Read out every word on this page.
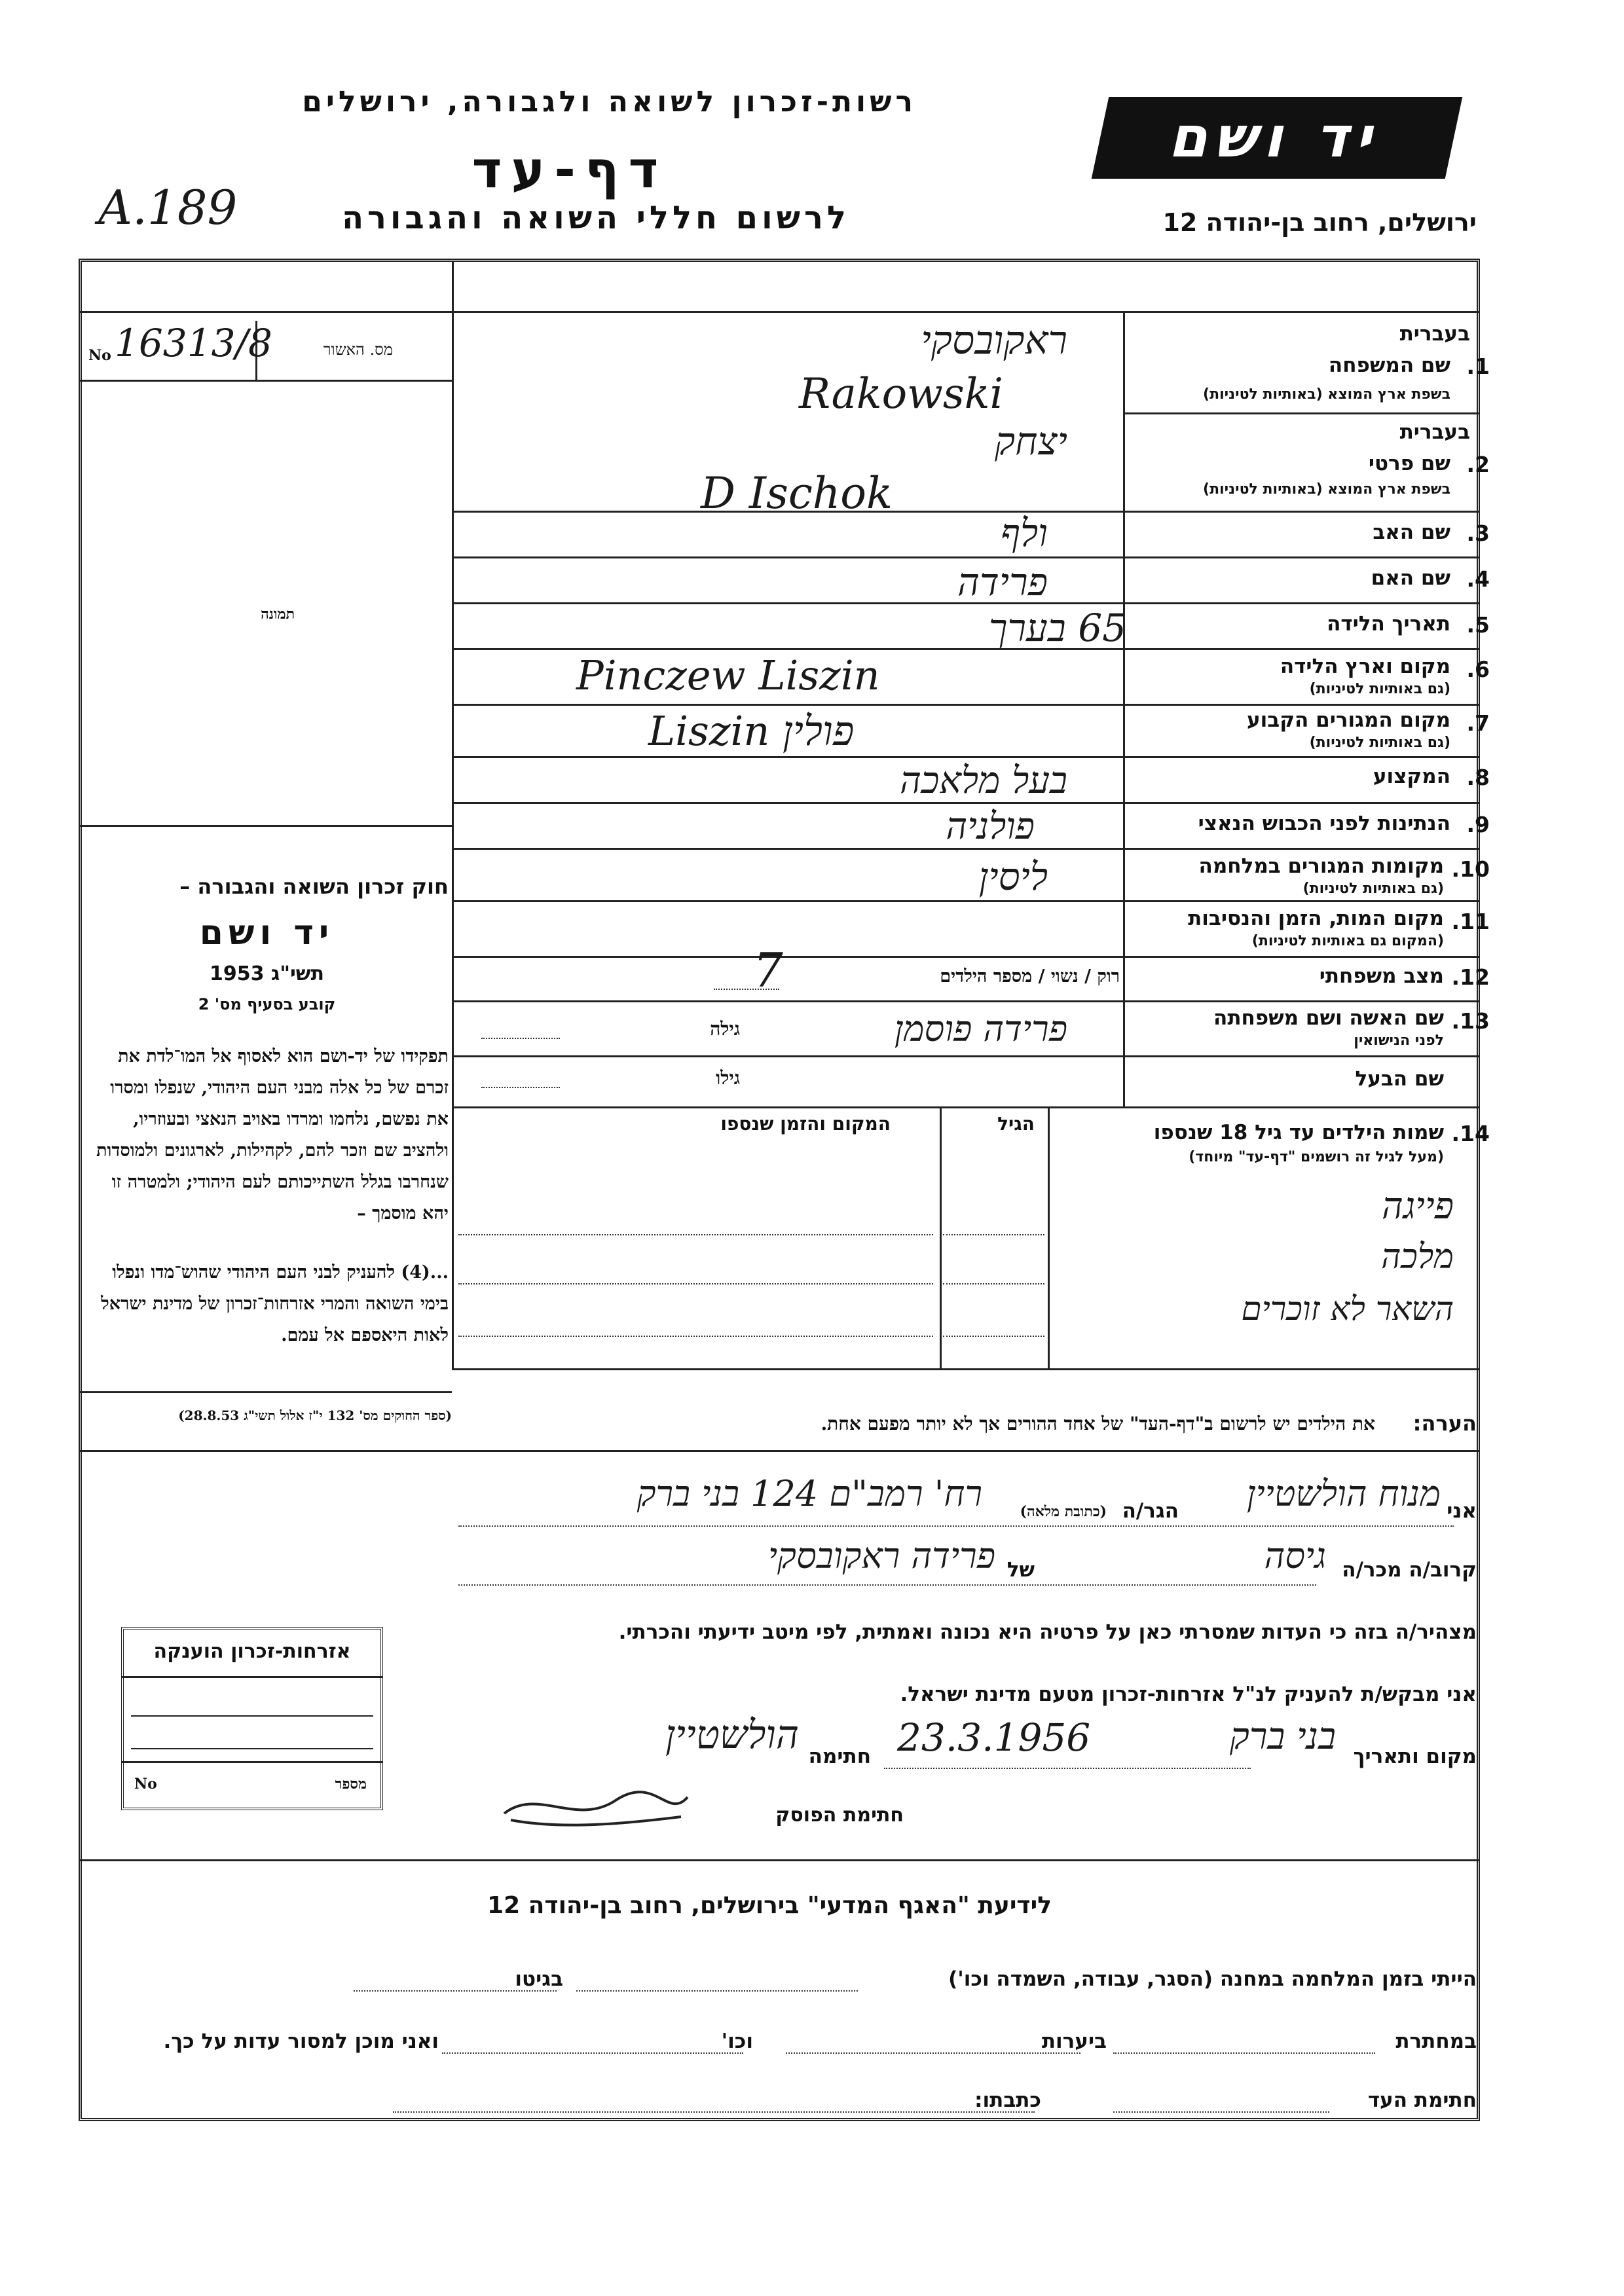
רשות-זכרון לשואה ולגבורה, ירושלים
דף-עד
לרשום חללי השואה והגבורה	ירושלים, רחוב בן-יהודה 12
יד ושם
A.189
מס. האשור
16313/8
No
תמונה
חוק זכרון השואה והגבורה –
יד ושם
תשי"ג 1953
קובע בסעיף מס' 2
תפקידו של יד-ושם הוא לאסוף אל המו־לדת את זכרם של כל אלה מבני העם היהודי, שנפלו ומסרו את נפשם, נלחמו ומרדו באויב הנאצי ובעוזריו, ולהציב שם וזכר להם, לקהילות, לארגונים ולמוסדות שנחרבו בגלל השתייכותם לעם היהודי; ולמטרה זו יהא מוסמך –
...(4) להעניק לבני העם היהודי שהוש־מדו ונפלו בימי השואה והמרי אזרחות־זכרון של מדינת ישראל לאות היאספם אל עמם.
(ספר החוקים מס' 132 י"ז אלול תשי"ג 28.8.53)
בעברית
1.
שם המשפחה
בשפת ארץ המוצא (באותיות לטיניות)
בעברית
2.
שם פרטי
בשפת ארץ המוצא (באותיות לטיניות)
3.
שם האב
4.
שם האם
5.
תאריך הלידה
6.
מקום וארץ הלידה
(גם באותיות לטיניות)
7.
מקום המגורים הקבוע
(גם באותיות לטיניות)
8.
המקצוע
9.
הנתינות לפני הכבוש הנאצי
10.
מקומות המגורים במלחמה
(גם באותיות לטיניות)
11.
מקום המות, הזמן והנסיבות
(המקום גם באותיות לטיניות)
12.
מצב משפחתי
רוק / נשוי / מספר הילדים
13.
שם האשה ושם משפחתה
לפני הנישואין
גילה
שם הבעל
גילו
ראקובסקי
Rakowski
יצחק
D Ischok
ולף
פרידה
65 בערך
Pinczew Liszin
Liszin פולין
בעל מלאכה
פולניה
ליסין
7
פרידה פוסמן
14.
שמות הילדים עד גיל 18 שנספו
(מעל לגיל זה רושמים "דף-עד" מיוחד)
הגיל
המקום והזמן שנספו
פייגה
מלכה
השאר לא זוכרים
הערה:
את הילדים יש לרשום ב"דף-העד" של אחד ההורים אך לא יותר מפעם אחת.
אני
מנוח הולשטיין
הגר/ה
(כתובת מלאה)
רח' רמב"ם 124 בני ברק
קרוב/ה מכר/ה
גיסה
של
פרידה ראקובסקי
מצהיר/ה בזה כי העדות שמסרתי כאן על פרטיה היא נכונה ואמתית, לפי מיטב ידיעתי והכרתי.
אני מבקש/ת להעניק לנ"ל אזרחות-זכרון מטעם מדינת ישראל.
מקום ותאריך
בני ברק
23.3.1956
חתימה
הולשטיין
חתימת הפוסק
אזרחות-זכרון הוענקה
מספר
No
לידיעת "האגף המדעי" בירושלים, רחוב בן-יהודה 12
הייתי בזמן המלחמה במחנה (הסגר, עבודה, השמדה וכו')
בגיטו
במחתרת
ביערות
וכו'
ואני מוכן למסור עדות על כך.
חתימת העד
כתבתו:
